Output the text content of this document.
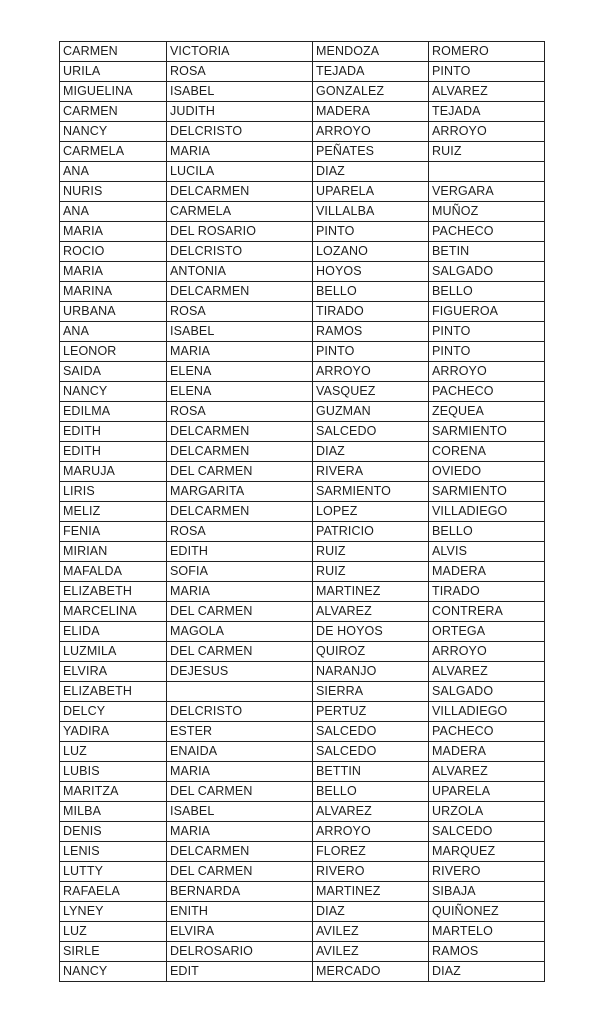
CARMEN	VICTORIA	MENDOZA	ROMERO
URILA	ROSA	TEJADA	PINTO
MIGUELINA	ISABEL	GONZALEZ	ALVAREZ
CARMEN	JUDITH	MADERA	TEJADA
NANCY	DELCRISTO	ARROYO	ARROYO
CARMELA	MARIA	PEÑATES	RUIZ
ANA	LUCILA	DIAZ	
NURIS	DELCARMEN	UPARELA	VERGARA
ANA	CARMELA	VILLALBA	MUÑOZ
MARIA	DEL ROSARIO	PINTO	PACHECO
ROCIO	DELCRISTO	LOZANO	BETIN
MARIA	ANTONIA	HOYOS	SALGADO
MARINA	DELCARMEN	BELLO	BELLO
URBANA	ROSA	TIRADO	FIGUEROA
ANA	ISABEL	RAMOS	PINTO
LEONOR	MARIA	PINTO	PINTO
SAIDA	ELENA	ARROYO	ARROYO
NANCY	ELENA	VASQUEZ	PACHECO
EDILMA	ROSA	GUZMAN	ZEQUEA
EDITH	DELCARMEN	SALCEDO	SARMIENTO
EDITH	DELCARMEN	DIAZ	CORENA
MARUJA	DEL CARMEN	RIVERA	OVIEDO
LIRIS	MARGARITA	SARMIENTO	SARMIENTO
MELIZ	DELCARMEN	LOPEZ	VILLADIEGO
FENIA	ROSA	PATRICIO	BELLO
MIRIAN	EDITH	RUIZ	ALVIS
MAFALDA	SOFIA	RUIZ	MADERA
ELIZABETH	MARIA	MARTINEZ	TIRADO
MARCELINA	DEL CARMEN	ALVAREZ	CONTRERA
ELIDA	MAGOLA	DE HOYOS	ORTEGA
LUZMILA	DEL CARMEN	QUIROZ	ARROYO
ELVIRA	DEJESUS	NARANJO	ALVAREZ
ELIZABETH		SIERRA	SALGADO
DELCY	DELCRISTO	PERTUZ	VILLADIEGO
YADIRA	ESTER	SALCEDO	PACHECO
LUZ	ENAIDA	SALCEDO	MADERA
LUBIS	MARIA	BETTIN	ALVAREZ
MARITZA	DEL CARMEN	BELLO	UPARELA
MILBA	ISABEL	ALVAREZ	URZOLA
DENIS	MARIA	ARROYO	SALCEDO
LENIS	DELCARMEN	FLOREZ	MARQUEZ
LUTTY	DEL CARMEN	RIVERO	RIVERO
RAFAELA	BERNARDA	MARTINEZ	SIBAJA
LYNEY	ENITH	DIAZ	QUIÑONEZ
LUZ	ELVIRA	AVILEZ	MARTELO
SIRLE	DELROSARIO	AVILEZ	RAMOS
NANCY	EDIT	MERCADO	DIAZ
